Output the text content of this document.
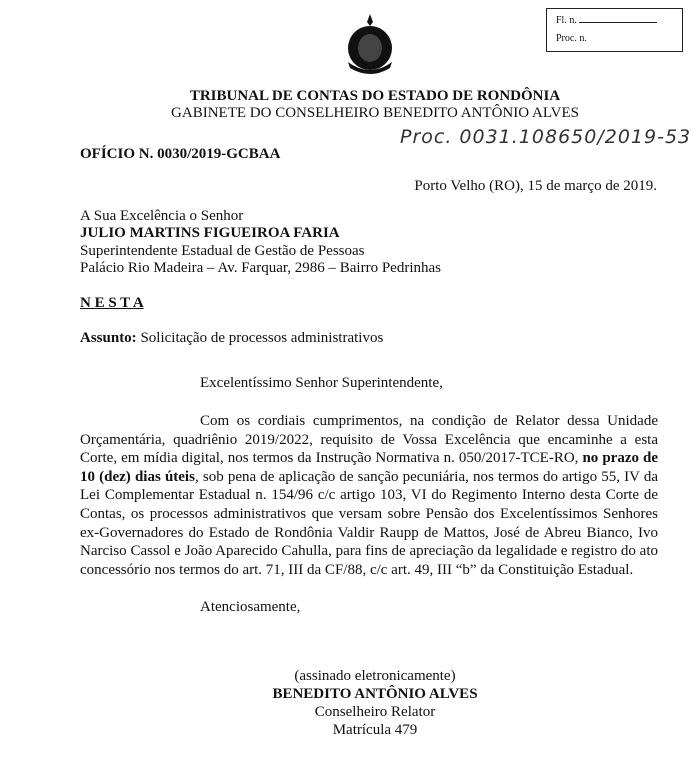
Fl. n.
Proc. n.
TRIBUNAL DE CONTAS DO ESTADO DE RONDÔNIA
GABINETE DO CONSELHEIRO BENEDITO ANTÔNIO ALVES
Proc. 0031.108650/2019-53
OFÍCIO N. 0030/2019-GCBAA
Porto Velho (RO), 15 de março de 2019.
A Sua Excelência o Senhor
JULIO MARTINS FIGUEIROA FARIA
Superintendente Estadual de Gestão de Pessoas
Palácio Rio Madeira – Av. Farquar, 2986 – Bairro Pedrinhas
N E S T A
Assunto: Solicitação de processos administrativos
Excelentíssimo Senhor Superintendente,
Com os cordiais cumprimentos, na condição de Relator dessa Unidade Orçamentária, quadriênio 2019/2022, requisito de Vossa Excelência que encaminhe a esta Corte, em mídia digital, nos termos da Instrução Normativa n. 050/2017-TCE-RO, no prazo de 10 (dez) dias úteis, sob pena de aplicação de sanção pecuniária, nos termos do artigo 55, IV da Lei Complementar Estadual n. 154/96 c/c artigo 103, VI do Regimento Interno desta Corte de Contas, os processos administrativos que versam sobre Pensão dos Excelentíssimos Senhores ex-Governadores do Estado de Rondônia Valdir Raupp de Mattos, José de Abreu Bianco, Ivo Narciso Cassol e João Aparecido Cahulla, para fins de apreciação da legalidade e registro do ato concessório nos termos do art. 71, III da CF/88, c/c art. 49, III “b” da Constituição Estadual.
Atenciosamente,
(assinado eletronicamente)
BENEDITO ANTÔNIO ALVES
Conselheiro Relator
Matrícula 479
